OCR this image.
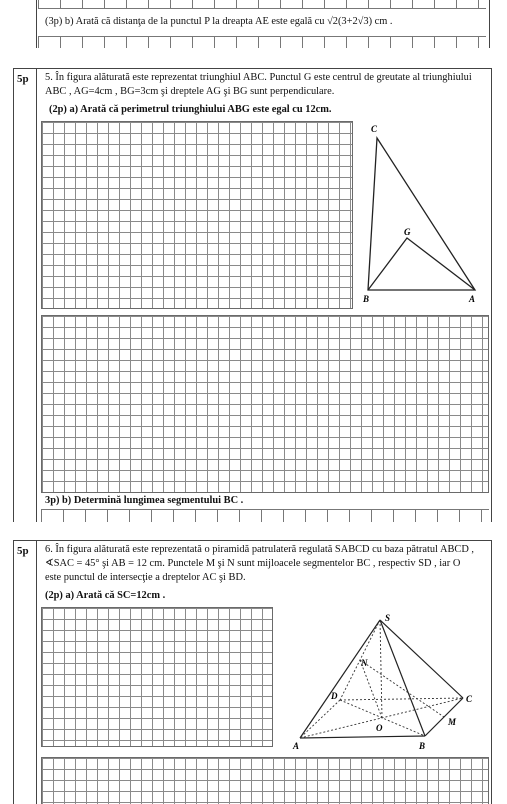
(3p) b) Arată că distanţa de la punctul P la dreapta AE este egală cu √2(3+2√3) cm .
5p 5. În figura alăturată este reprezentat triunghiul ABC. Punctul G este centrul de greutate al triunghiului
ABC , AG=4cm , BG=3cm şi dreptele AG şi BG sunt perpendiculare.
(2p) a) Arată că perimetrul triunghiului ABG este egal cu 12cm.
C
G
B	A
3p) b) Determină lungimea segmentului BC .
5p 6. În figura alăturată este reprezentată o piramidă patrulateră regulată SABCD cu baza pătratul ABCD ,
∢SAC = 45° şi AB = 12 cm. Punctele M şi N sunt mijloacele segmentelor BC , respectiv SD , iar O
este punctul de intersecţie a dreptelor AC şi BD.
(2p) a) Arată că SC=12cm .
S
N
D	C
O
M
A	B
